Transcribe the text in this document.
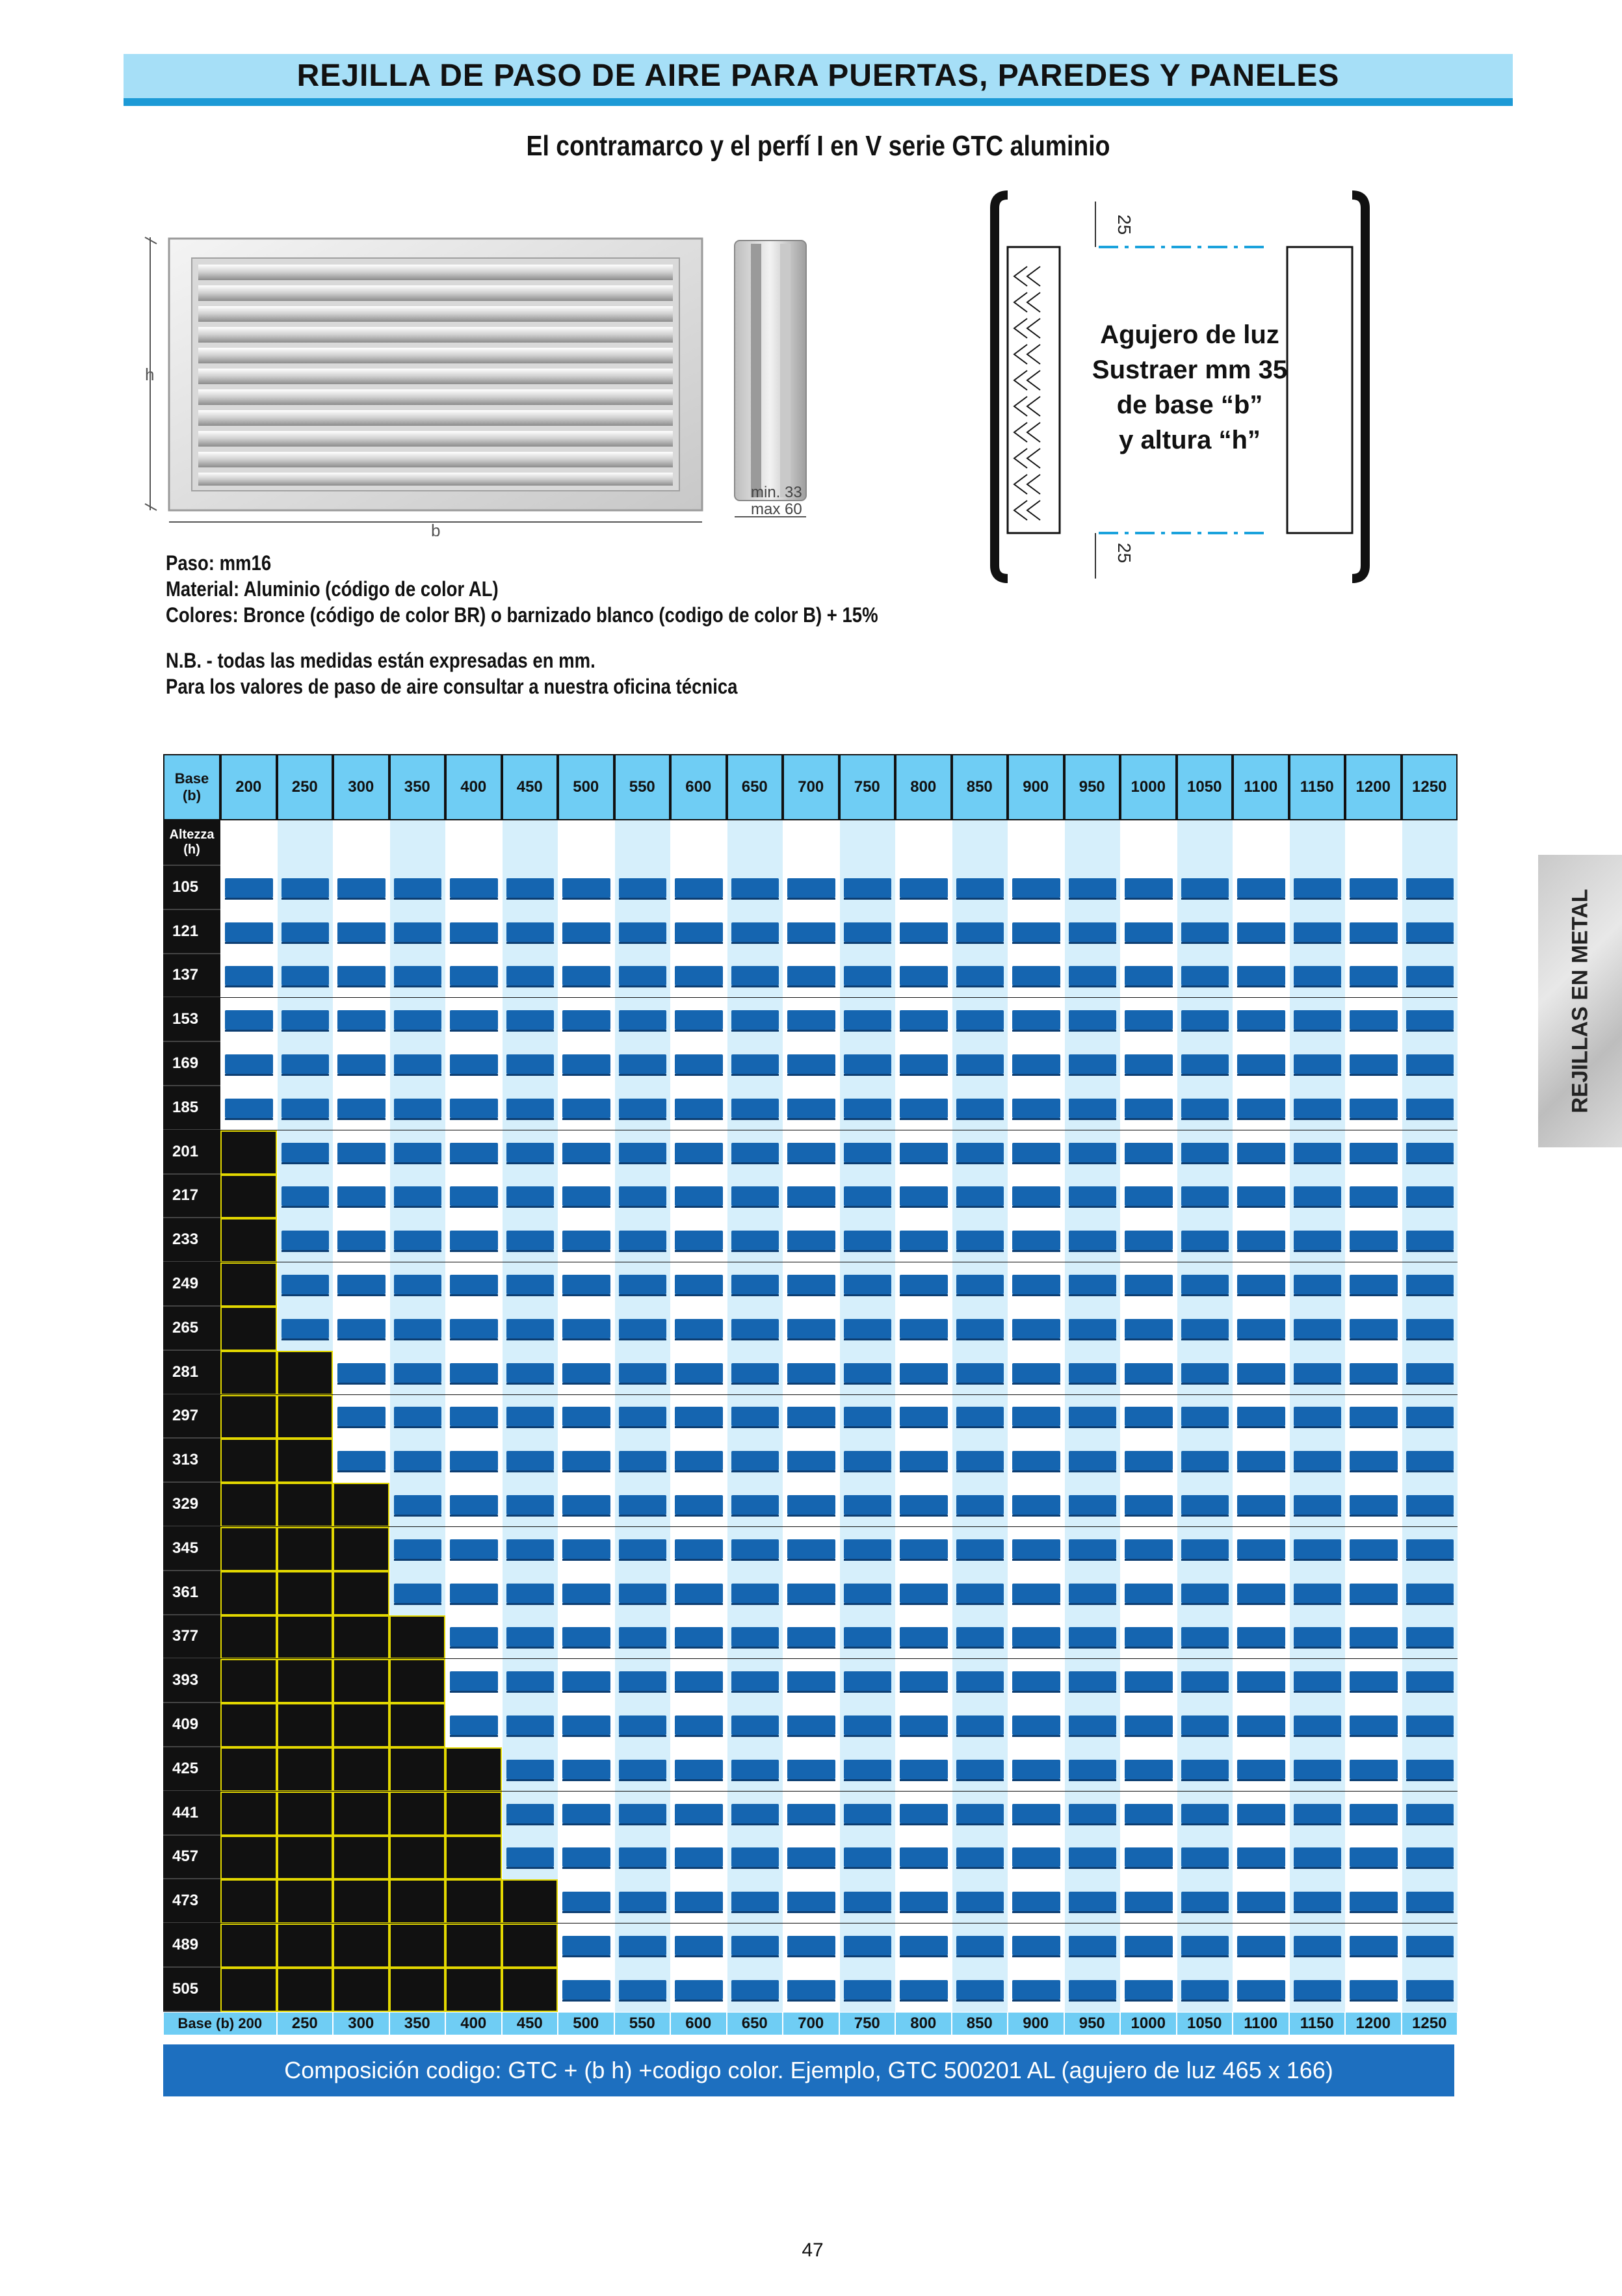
REJILLA DE PASO DE AIRE PARA PUERTAS, PAREDES Y PANELES
El contramarco y el perfí I en V serie GTC aluminio
h
b
min. 33
max 60
25
25
Agujero de luz
Sustraer mm 35
de base “b”
y altura “h”
Paso: mm16
Material: Aluminio (código de color AL)
Colores: Bronce (código de color BR) o barnizado blanco (codigo de color B) + 15%
N.B. - todas las medidas están expresadas en mm.
Para los valores de paso de aire consultar a nuestra oficina técnica
REJILLAS EN METAL
Base
(b)	200	250	300	350	400	450	500	550	600	650	700	750	800	850	900	950	1000	1050	1100	1150	1200	1250
Altezza
(h)
105
121
137
153
169
185
201
217
233
249
265
281
297
313
329
345
361
377
393
409
425
441
457
473
489
505
Base (b) 200	250	300	350	400	450	500	550	600	650	700	750	800	850	900	950	1000	1050	1100	1150	1200	1250
Composición codigo: GTC + (b h) +codigo color. Ejemplo, GTC 500201 AL (agujero de luz 465 x 166)
47
